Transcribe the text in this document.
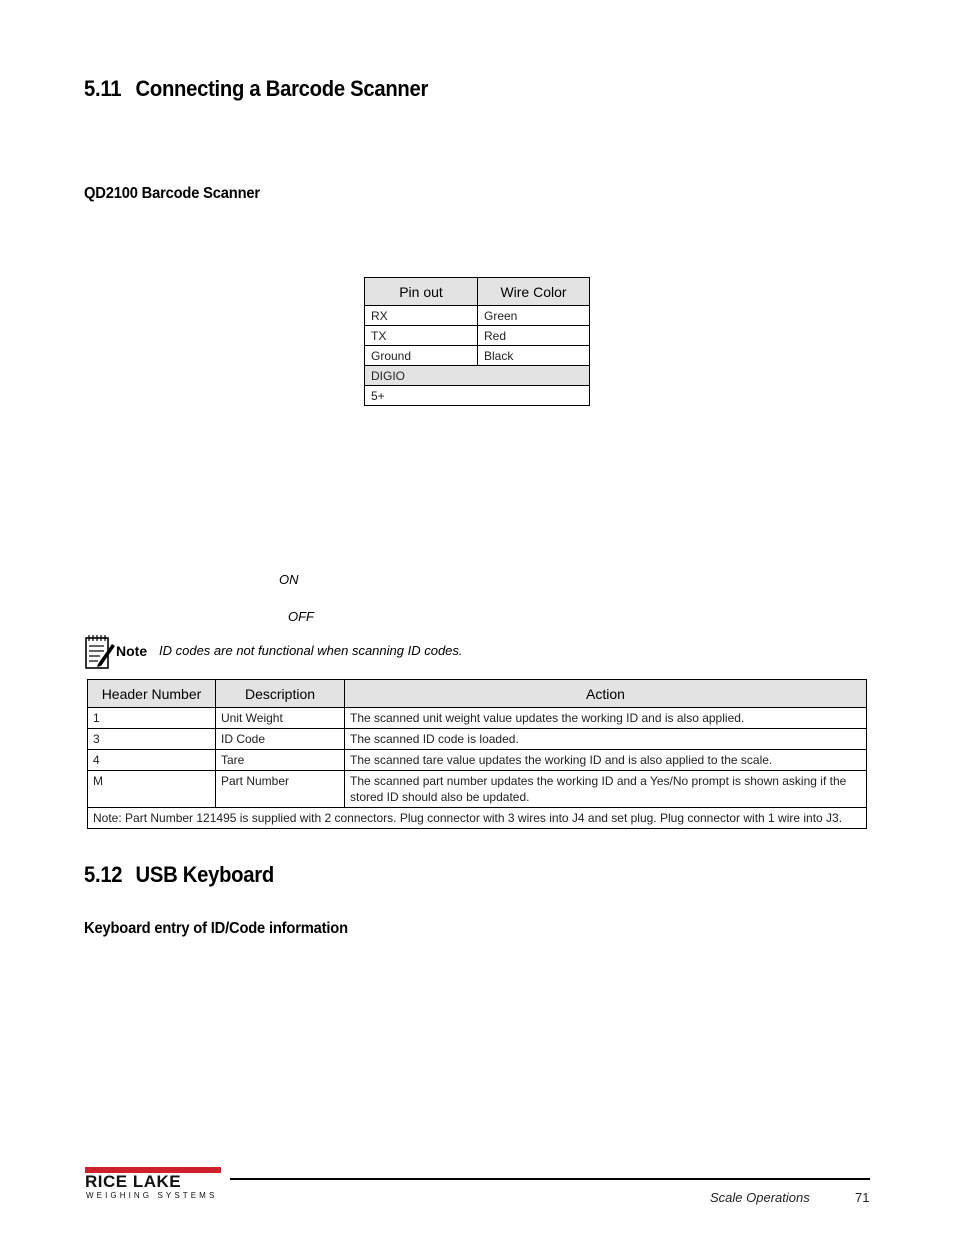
5.11 Connecting a Barcode Scanner
QD2100 Barcode Scanner
Pin out	Wire Color
RX	Green
TX	Red
Ground	Black
DIGIO	
5+	
ON
OFF
Note ID codes are not functional when scanning ID codes.
Header Number	Description	Action
1	Unit Weight	The scanned unit weight value updates the working ID and is also applied.
3	ID Code	The scanned ID code is loaded.
4	Tare	The scanned tare value updates the working ID and is also applied to the scale.
M	Part Number	The scanned part number updates the working ID and a Yes/No prompt is shown asking if the stored ID should also be updated.
Note: Part Number 121495 is supplied with 2 connectors. Plug connector with 3 wires into J4 and set plug. Plug connector with 1 wire into J3.		
5.12 USB Keyboard
Keyboard entry of ID/Code information
RICE LAKE
WEIGHING SYSTEMS	Scale Operations	71
